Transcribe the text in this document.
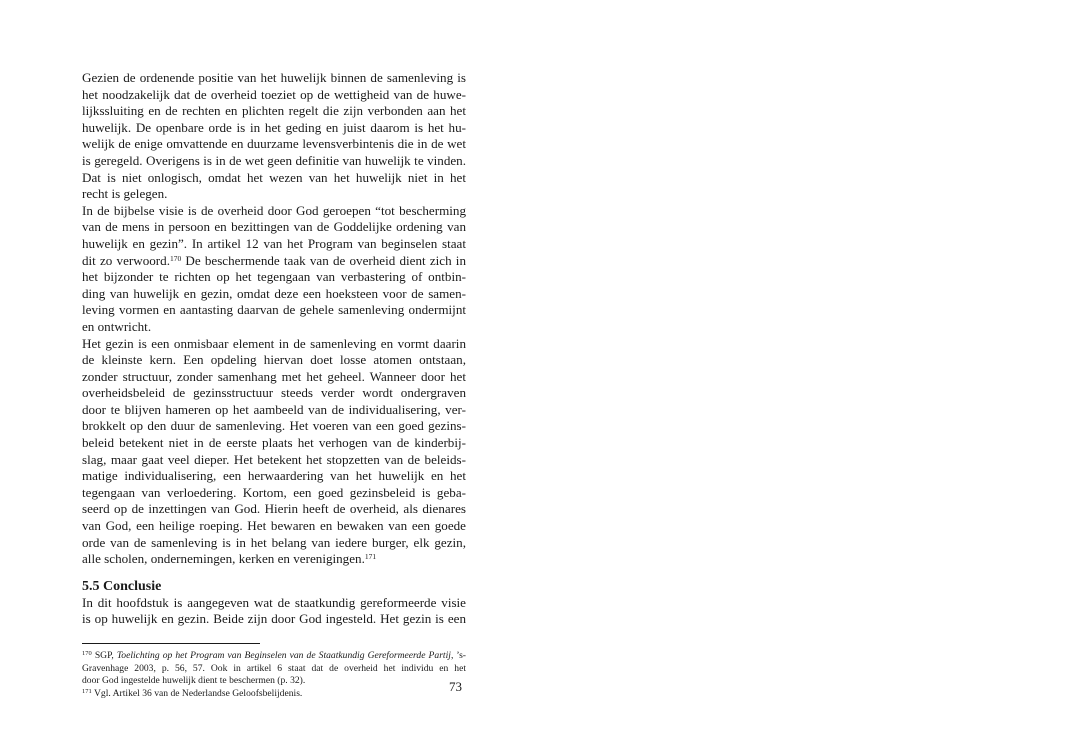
Gezien de ordenende positie van het huwelijk binnen de samenleving is
het noodzakelijk dat de overheid toeziet op de wettigheid van de huwe-
lijkssluiting en de rechten en plichten regelt die zijn verbonden aan het
huwelijk. De openbare orde is in het geding en juist daarom is het hu-
welijk de enige omvattende en duurzame levensverbintenis die in de wet
is geregeld. Overigens is in de wet geen definitie van huwelijk te vinden.
Dat is niet onlogisch, omdat het wezen van het huwelijk niet in het
recht is gelegen.
In de bijbelse visie is de overheid door God geroepen “tot bescherming
van de mens in persoon en bezittingen van de Goddelijke ordening van
huwelijk en gezin”. In artikel 12 van het Program van beginselen staat
dit zo verwoord.$^{170}$ De beschermende taak van de overheid dient zich in
het bijzonder te richten op het tegengaan van verbastering of ontbin-
ding van huwelijk en gezin, omdat deze een hoeksteen voor de samen-
leving vormen en aantasting daarvan de gehele samenleving ondermijnt
en ontwricht.
Het gezin is een onmisbaar element in de samenleving en vormt daarin
de kleinste kern. Een opdeling hiervan doet losse atomen ontstaan,
zonder structuur, zonder samenhang met het geheel. Wanneer door het
overheidsbeleid de gezinsstructuur steeds verder wordt ondergraven
door te blijven hameren op het aambeeld van de individualisering, ver-
brokkelt op den duur de samenleving. Het voeren van een goed gezins-
beleid betekent niet in de eerste plaats het verhogen van de kinderbij-
slag, maar gaat veel dieper. Het betekent het stopzetten van de beleids-
matige individualisering, een herwaardering van het huwelijk en het
tegengaan van verloedering. Kortom, een goed gezinsbeleid is geba-
seerd op de inzettingen van God. Hierin heeft de overheid, als dienares
van God, een heilige roeping. Het bewaren en bewaken van een goede
orde van de samenleving is in het belang van iedere burger, elk gezin,
alle scholen, ondernemingen, kerken en verenigingen.$^{171}$
5.5 Conclusie
In dit hoofdstuk is aangegeven wat de staatkundig gereformeerde visie
is op huwelijk en gezin. Beide zijn door God ingesteld. Het gezin is een
$^{170}$ SGP, Toelichting op het Program van Beginselen van de Staatkundig Gereformeerde Partij, ’s-
Gravenhage 2003, p. 56, 57. Ook in artikel 6 staat dat de overheid het individu en het
door God ingestelde huwelijk dient te beschermen (p. 32).
$^{171}$ Vgl. Artikel 36 van de Nederlandse Geloofsbelijdenis.	73
